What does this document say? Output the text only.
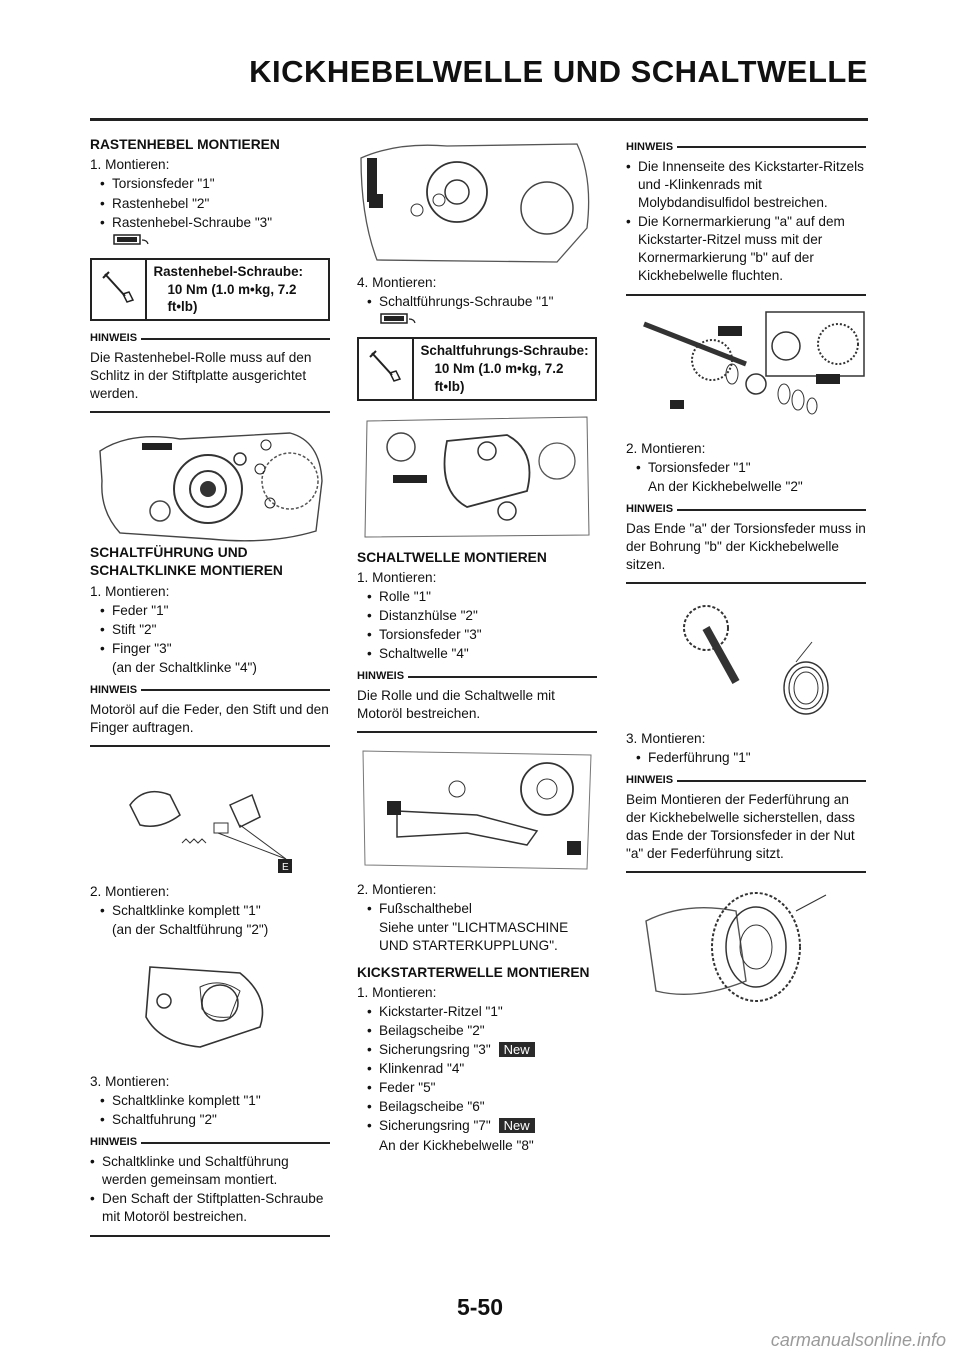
KICKHEBELWELLE UND SCHALTWELLE
RASTENHEBEL MONTIEREN
1. Montieren:
• Torsionsfeder "1"
• Rastenhebel "2"
• Rastenhebel-Schraube "3"
Rastenhebel-Schraube:
10 Nm (1.0 m•kg, 7.2 ft•lb)
HINWEIS

Die Rastenhebel-Rolle muss auf den Schlitz in der Stiftplatte ausgerichtet werden.

SCHALTFÜHRUNG UND SCHALTKLINKE MONTIEREN
1. Montieren:
• Feder "1"
• Stift "2"
• Finger "3"
(an der Schaltklinke "4")
HINWEIS

Motoröl auf die Feder, den Stift und den Finger auftragen.

E
2. Montieren:
• Schaltklinke komplett "1"
(an der Schaltführung "2")
3. Montieren:
• Schaltklinke komplett "1"
• Schaltfuhrung "2"
HINWEIS
• Schaltklinke und Schaltführung werden gemeinsam montiert.
• Den Schaft der Stiftplatten-Schraube mit Motoröl bestreichen.
4. Montieren:
• Schaltführungs-Schraube "1"
Schaltfuhrungs-Schraube:
10 Nm (1.0 m•kg, 7.2 ft•lb)
SCHALTWELLE MONTIEREN
1. Montieren:
• Rolle "1"
• Distanzhülse "2"
• Torsionsfeder "3"
• Schaltwelle "4"
HINWEIS

Die Rolle und die Schaltwelle mit Motoröl bestreichen.

2. Montieren:
• Fußschalthebel
Siehe unter "LICHTMASCHINE UND STARTERKUPPLUNG".
KICKSTARTERWELLE MONTIEREN
1. Montieren:
• Kickstarter-Ritzel "1"
• Beilagscheibe "2"
• Sicherungsring "3" New
• Klinkenrad "4"
• Feder "5"
• Beilagscheibe "6"
• Sicherungsring "7" New
An der Kickhebelwelle "8"
HINWEIS
• Die Innenseite des Kickstarter-Ritzels und -Klinkenrads mit Molybdandisulfidol bestreichen.
• Die Kornermarkierung "a" auf dem Kickstarter-Ritzel muss mit der Kornermarkierung "b" auf der Kickhebelwelle fluchten.
2. Montieren:
• Torsionsfeder "1"
An der Kickhebelwelle "2"
HINWEIS

Das Ende "a" der Torsionsfeder muss in der Bohrung "b" der Kickhebelwelle sitzen.

3. Montieren:
• Federführung "1"
HINWEIS

Beim Montieren der Federführung an der Kickhebelwelle sicherstellen, dass das Ende der Torsionsfeder in der Nut "a" der Federführung sitzt.

5-50
carmanualsonline.info
